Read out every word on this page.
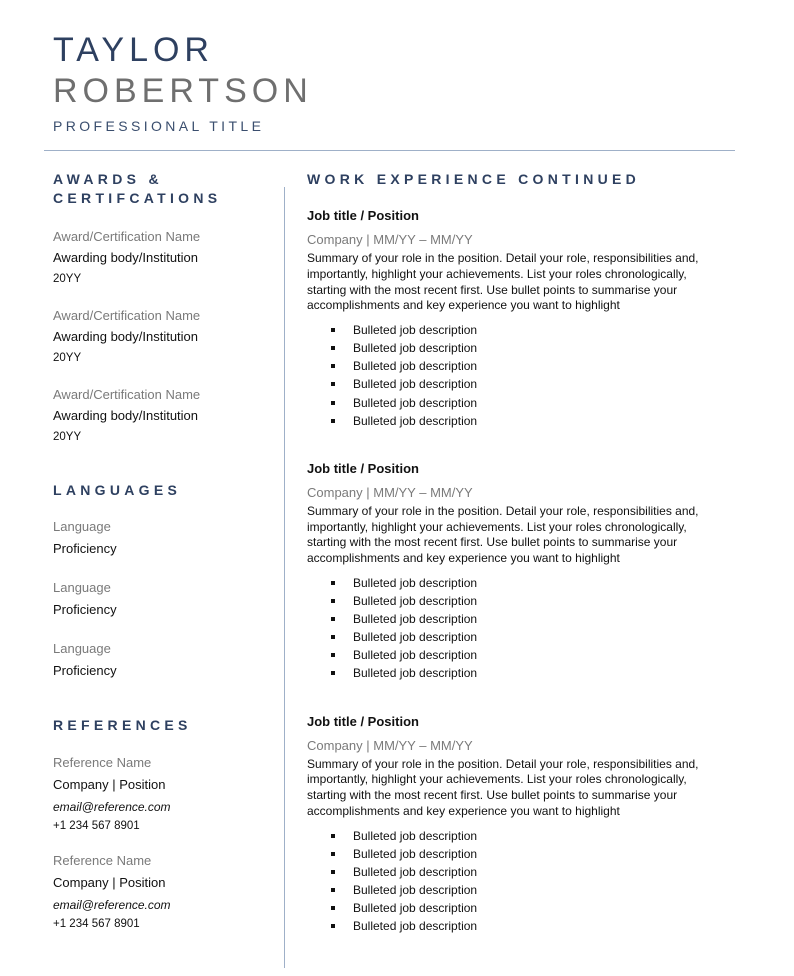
TAYLOR
ROBERTSON
PROFESSIONAL TITLE
AWARDS &
CERTIFCATIONS
Award/Certification Name
Awarding body/Institution
20YY
Award/Certification Name
Awarding body/Institution
20YY
Award/Certification Name
Awarding body/Institution
20YY
LANGUAGES
Language
Proficiency
Language
Proficiency
Language
Proficiency
REFERENCES
Reference Name
Company | Position
email@reference.com
+1 234 567 8901
Reference Name
Company | Position
email@reference.com
+1 234 567 8901
WORK EXPERIENCE CONTINUED
Job title / Position
Company | MM/YY – MM/YY
Summary of your role in the position. Detail your role, responsibilities and, importantly, highlight your achievements. List your roles chronologically, starting with the most recent first. Use bullet points to summarise your accomplishments and key experience you want to highlight
Bulleted job description
Bulleted job description
Bulleted job description
Bulleted job description
Bulleted job description
Bulleted job description
Job title / Position
Company | MM/YY – MM/YY
Summary of your role in the position. Detail your role, responsibilities and, importantly, highlight your achievements. List your roles chronologically, starting with the most recent first. Use bullet points to summarise your accomplishments and key experience you want to highlight
Bulleted job description
Bulleted job description
Bulleted job description
Bulleted job description
Bulleted job description
Bulleted job description
Job title / Position
Company | MM/YY – MM/YY
Summary of your role in the position. Detail your role, responsibilities and, importantly, highlight your achievements. List your roles chronologically, starting with the most recent first. Use bullet points to summarise your accomplishments and key experience you want to highlight
Bulleted job description
Bulleted job description
Bulleted job description
Bulleted job description
Bulleted job description
Bulleted job description
